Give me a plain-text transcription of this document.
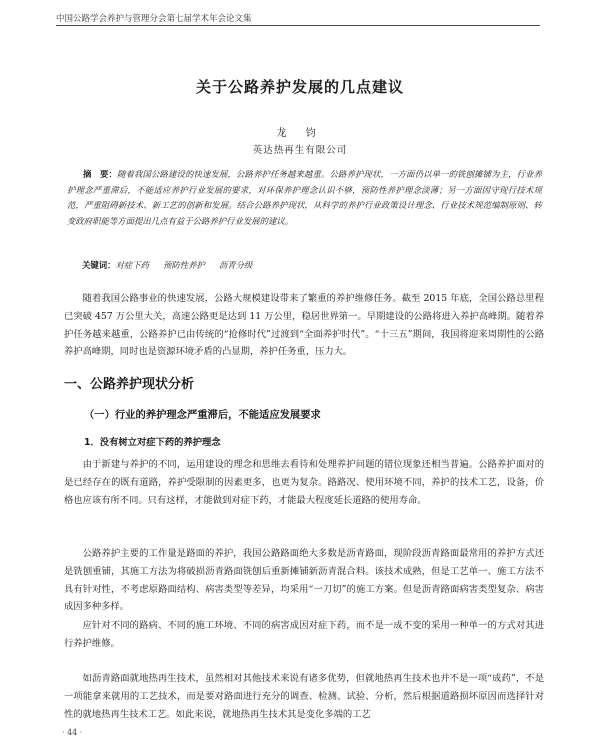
中国公路学会养护与管理分会第七届学术年会论文集
关于公路养护发展的几点建议
龙 钧
英达热再生有限公司
摘　要：随着我国公路建设的快速发展，公路养护任务越来越重。公路养护现状，一方面仍以单一的铣刨摊铺为主，行业养护理念严重滞后，不能适应养护行业发展的要求，对环保养护理念认识不够，预防性养护理念淡薄；另一方面因守现行技术规范，严重阻碍新技术、新工艺的创新和发展。结合公路养护现状，从科学的养护行业政策设计理念、行业技术规范编制原则、转变政府职能等方面提出几点有益于公路养护行业发展的建议。
关键词：对症下药 预防性养护 沥青分级

随着我国公路事业的快速发展，公路大规模建设带来了繁重的养护维修任务。截至 2015 年底，全国公路总里程已突破 457 万公里大关，高速公路更是达到 11 万公里，稳居世界第一。早期建设的公路将进入养护高峰期。随着养护任务越来越重，公路养护已由传统的“抢修时代”过渡到“全面养护时代”。“十三五”期间，我国将迎来周期性的公路养护高峰期，同时也是资源环境矛盾的凸显期，养护任务重，压力大。

一、公路养护现状分析
（一）行业的养护理念严重滞后，不能适应发展要求
1．没有树立对症下药的养护理念

由于新建与养护的不同，运用建设的理念和思维去看待和处理养护问题的错位现象还相当普遍。公路养护面对的是已经存在的既有道路，养护受限制的因素更多，也更为复杂。路路况、使用环境不同，养护的技术工艺，设备，价格也应该有所不同。只有这样，才能做到对症下药，才能最大程度延长道路的使用寿命。

公路养护主要的工作量是路面的养护，我国公路路面绝大多数是沥青路面，现阶段沥青路面最常用的养护方式还是铣刨重铺，其施工方法为将破损沥青路面铣刨后重新摊铺新沥青混合料。该技术成熟，但是工艺单一、施工方法不具有针对性，不考虑原路面结构、病害类型等差异，均采用“一刀切”的施工方案。但是沥青路面病害类型复杂、病害成因多种多样。

应针对不同的路病、不同的施工环境、不同的病害成因对症下药，而不是一成不变的采用一种单一的方式对其进行养护维修。

如沥青路面就地热再生技术，虽然相对其他技术来说有诸多优势，但就地热再生技术也并不是一项“成药”，不是一项能拿来就用的工艺技术，而是要对路面进行充分的调查、检测、试验、分析，然后根据道路损坏原因而选择针对性的就地热再生技术工艺。如此来说，就地热再生技术其是变化多端的工艺

· 44 ·
